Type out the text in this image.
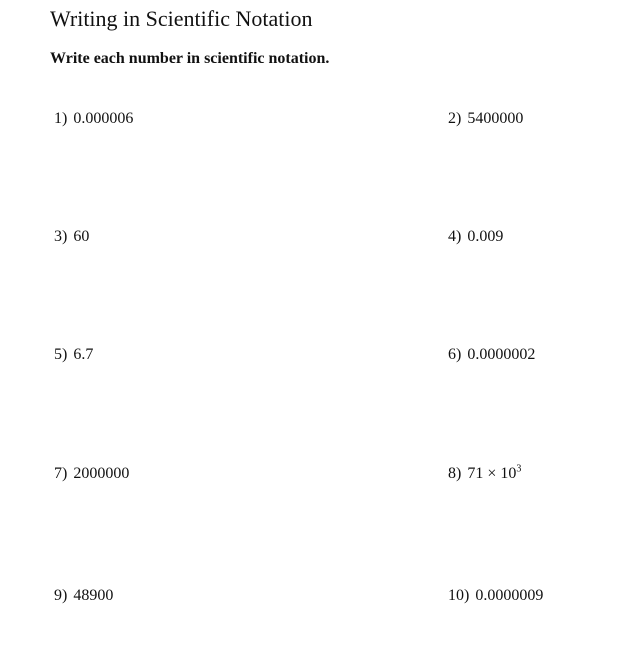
Writing in Scientific Notation

Write each number in scientific notation.

1) 0.000006	2) 5400000
3) 60	4) 0.009
5) 6.7	6) 0.0000002
7) 2000000	8) $71 \times 10^3$
9) 48900	10) 0.0000009
